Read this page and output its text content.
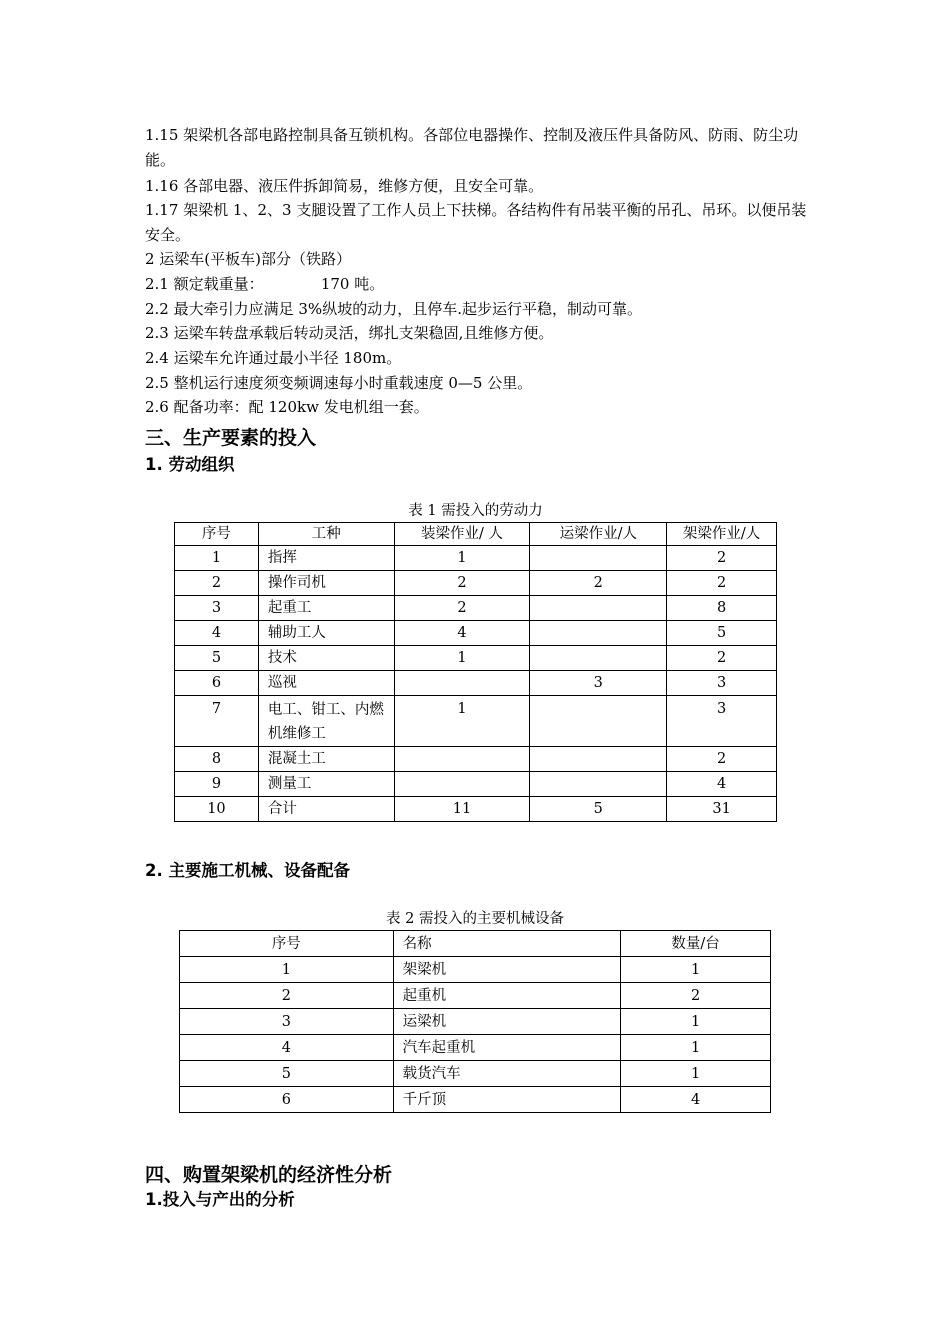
1.15 架梁机各部电路控制具备互锁机构。各部位电器操作、控制及液压件具备防风、防雨、防尘功能。

1.16 各部电器、液压件拆卸简易，维修方便，且安全可靠。

1.17 架梁机 1、2、3 支腿设置了工作人员上下扶梯。各结构件有吊装平衡的吊孔、吊环。以便吊装安全。

2 运梁车(平板车)部分（铁路）

2.1 额定载重量：            170 吨。

2.2 最大牵引力应满足 3%纵坡的动力，且停车.起步运行平稳，制动可靠。

2.3 运梁车转盘承载后转动灵活，绑扎支架稳固,且维修方便。

2.4 运梁车允许通过最小半径 180m。

2.5 整机运行速度须变频调速每小时重载速度 0—5 公里。

2.6 配备功率：配 120kw 发电机组一套。

三、生产要素的投入
1. 劳动组织
表 1 需投入的劳动力
序号	工种	装梁作业/ 人	运梁作业/人	架梁作业/人
1	指挥	1		2
2	操作司机	2	2	2
3	起重工	2		8
4	辅助工人	4		5
5	技术	1		2
6	巡视		3	3
7	电工、钳工、内燃机维修工	1		3
8	混凝土工			2
9	测量工			4
10	合计	11	5	31
2. 主要施工机械、设备配备
表 2 需投入的主要机械设备
序号	名称	数量/台
1	架梁机	1
2	起重机	2
3	运梁机	1
4	汽车起重机	1
5	载货汽车	1
6	千斤顶	4
四、购置架梁机的经济性分析
1.投入与产出的分析
